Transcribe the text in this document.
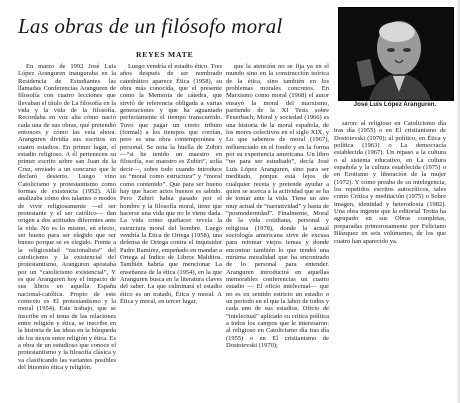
Las obras de un filósofo moral
REYES MATE

En marzo de 1992 José Luis López Aranguren inauguraba en la Residencia de Estudiantes las llamadas Conferencias Aranguren de filosofía con cuatro lecciones que llevaban el título de La filosofía en la vida y la vida de la filosofía. Recordaba en voz alta cómo nació cada una de sus obras, qué pretendió entonces y cómo las veía ahora. Aranguren dividía sus escritos en cuatro estadios. En primer lugar, el estadio religioso. A él pertenecen su primer escrito sobre san Juan de la Cruz, enviado a un concurso que le declaró desierto. Luego vino Catolicismo y protestantismo como formas de existencia (1952). Allí analizaba cómo dos talantes o modos de vivir religiosamente —el ser protestante y el ser católico— dan origen a dos actitudes diferentes ante la vida. No es lo mismo, en efecto, ser bueno para ser elegido que ser bueno porque se es elegido. Frente a la religiosidad “racionalista” del catolicismo y la existencial del protestantismo, Aranguren apostaba por un “catolicismo existencial”, Y es que Aranguren hoy el impacto de sus libros en aquella España nacional-católica. Propio de este contexto es El protestantismo y la moral (1954). Este trabajo, que se inscribe en el tema de las relaciones entre religión y ética, se inscribe en la historia de las ideas en la búsqueda de los nexos entre religión y ética. Es a obra de un estudioso que conoce el protestantismo y la filosofía clásica y va clasificando las variantes posibles del binomio ética y religión.

Luego vendría el estadio ético. Tres años después de ser nombrado catedrático aparece Ética (1958), su obra más conocida, que el presente como la Memoria de cátedra, que sirvió de referencia obligada a varias generaciones y que ha aguantado perfectamente el tiempo transcurrido. Tuvo que pagar un cierto tributo (formal) a los tiempos que corrían, pero es una obra contemporánea y personal. Se nota la huella de Zubiri —“si he tenido un maestro en filosofía, ese maestro es Zubiri”, solía decir—, sobre todo cuando introduce su “moral como estructura” y “moral como contenido”. Que para ser bueno hay que hacer actos buenos es sabido. Pero Zubiri había pasado por el hombre y la filosofía moral, tiene que hacerse una vida que no le viene dada. La vida como quehacer revela la estructura moral del hombre. Luego vendría la Ética de Ortega (1958), una defensa de Ortega contra el inquisidor Padre Ramírez, empeñado en mandar a Ortega al Índice de Libros Malditos. También habría que mencionar La enseñanza de la ética (1954), en la que Aranguren busca en la literatura claves del saber. La que culminará el estadio ético es un tratado, Ética y moral. A Ética y moral, en tercer lugar,

que la atención no se fija ya en el mundo sino en la construcción teórica de la ética, sino también en los problemas morales concretos. En Marxismo como moral (1968) el autor ensayó la moral del marxismo, partiendo de la XI Tesis sobre Feuerbach; Moral y sociedad (1966) es una historia de la moral española, de los mores colectivos en el siglo XIX, y Lo que sabemos de moral (1967), influenciado en el fondo y en la forma por su experiencia americana. Un libro “no para ser estudiado”, decía José Luis López Aranguren, sino para ser meditado, porque está lejos de cualquier receta y pretende ayudar a quien se acerca a la actividad que se ha de tomar ante la vida. Tiene un aire muy actual de “narratividad” y hasta de “posmodernidad”. Finalmente, Moral de la vida cotidiana, personal y religiosa (1978), donde la actual sociología americana sirve de excusa para retomar viejos temas y donde encontrar también lo que tendrá una mínima moralidad que ha encontrado de lo personal para entender. Aranguren introducirá en aquellas memorables conferencias un cuarto estadio — El oficio intelectual— que no es en sentido estricto un estadio o un periodo en el que la labor de todos y cada uno de sus estadios. Oficio de “intelectual” aplicado su crítica política a todos los campos que le interesaron: al religioso en Catolicismo día tras día (1955) o en El cristianismo de Dostoievski (1970);

José Luis López Aranguren.

saron: al religioso en Catolicismo día tras día (1955) o en El cristianismo de Dostoievski (1970); al político, en Ética y política (1963) o La democracia establecida (1967). Un repaso a la cultura o al sistema educativo, en La cultura española y la cultura establecida (1975) o en Erotismo y liberación de la mujer (1972). Y cómo preaba de su intelegencia, los repetidos escritos autocríticos, tales como Crítica y meditación (1975) o Sobre imagen, identidad y heterodoxia (1982). Una obra ingente que la editorial Trotta ha agrupado en sus Obras completas, preparadas primorosamente por Feliciano Blázquez en seis volúmenes, de los que cuatro han aparecido ya.
